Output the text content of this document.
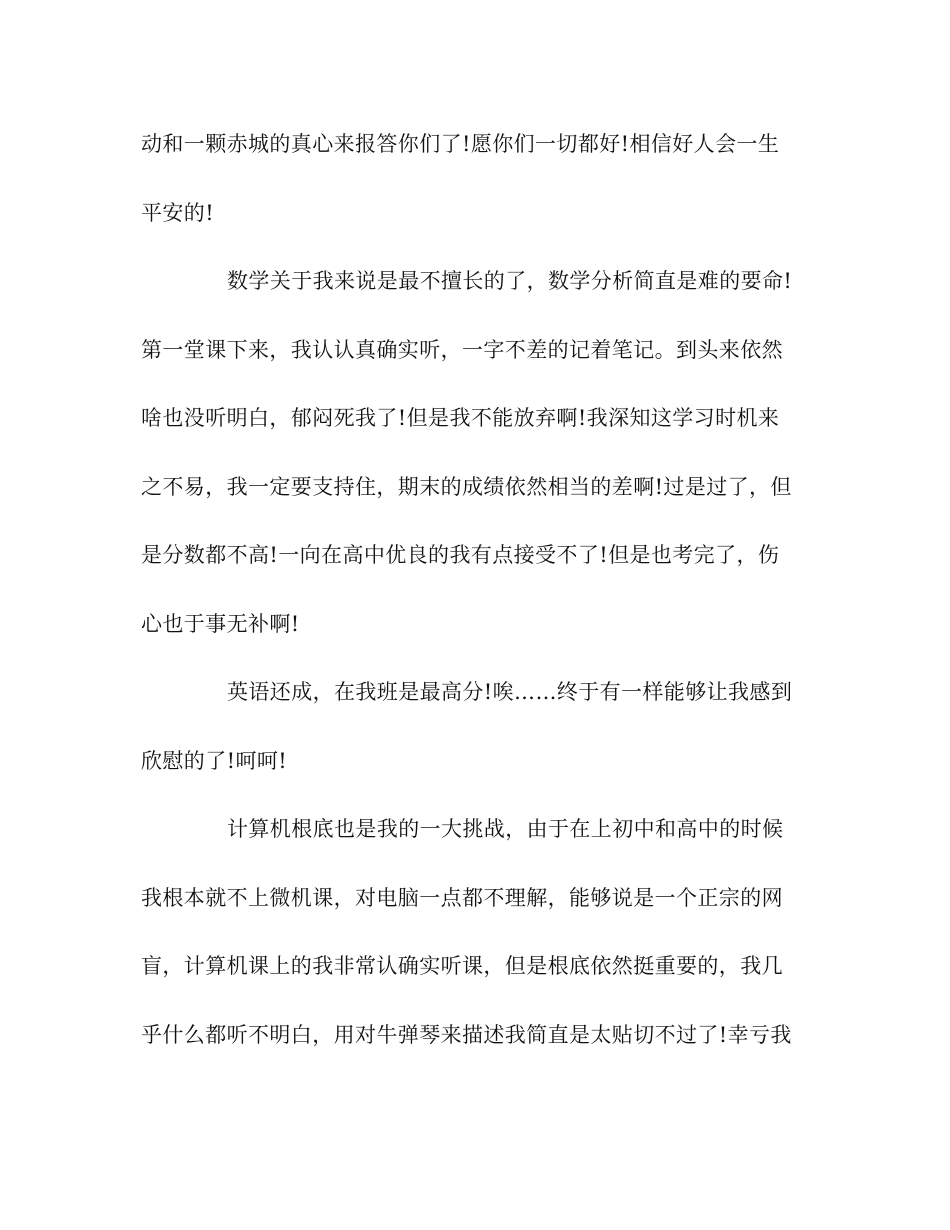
动和一颗赤城的真心来报答你们了!愿你们一切都好!相信好人会一生
平安的!
数学关于我来说是最不擅长的了，数学分析简直是难的要命!
第一堂课下来，我认认真确实听，一字不差的记着笔记。到头来依然
啥也没听明白，郁闷死我了!但是我不能放弃啊!我深知这学习时机来
之不易，我一定要支持住，期末的成绩依然相当的差啊!过是过了，但
是分数都不高!一向在高中优良的我有点接受不了!但是也考完了，伤
心也于事无补啊!
英语还成，在我班是最高分!唉……终于有一样能够让我感到
欣慰的了!呵呵!
计算机根底也是我的一大挑战，由于在上初中和高中的时候
我根本就不上微机课，对电脑一点都不理解，能够说是一个正宗的网
盲，计算机课上的我非常认确实听课，但是根底依然挺重要的，我几
乎什么都听不明白，用对牛弹琴来描述我简直是太贴切不过了!幸亏我
